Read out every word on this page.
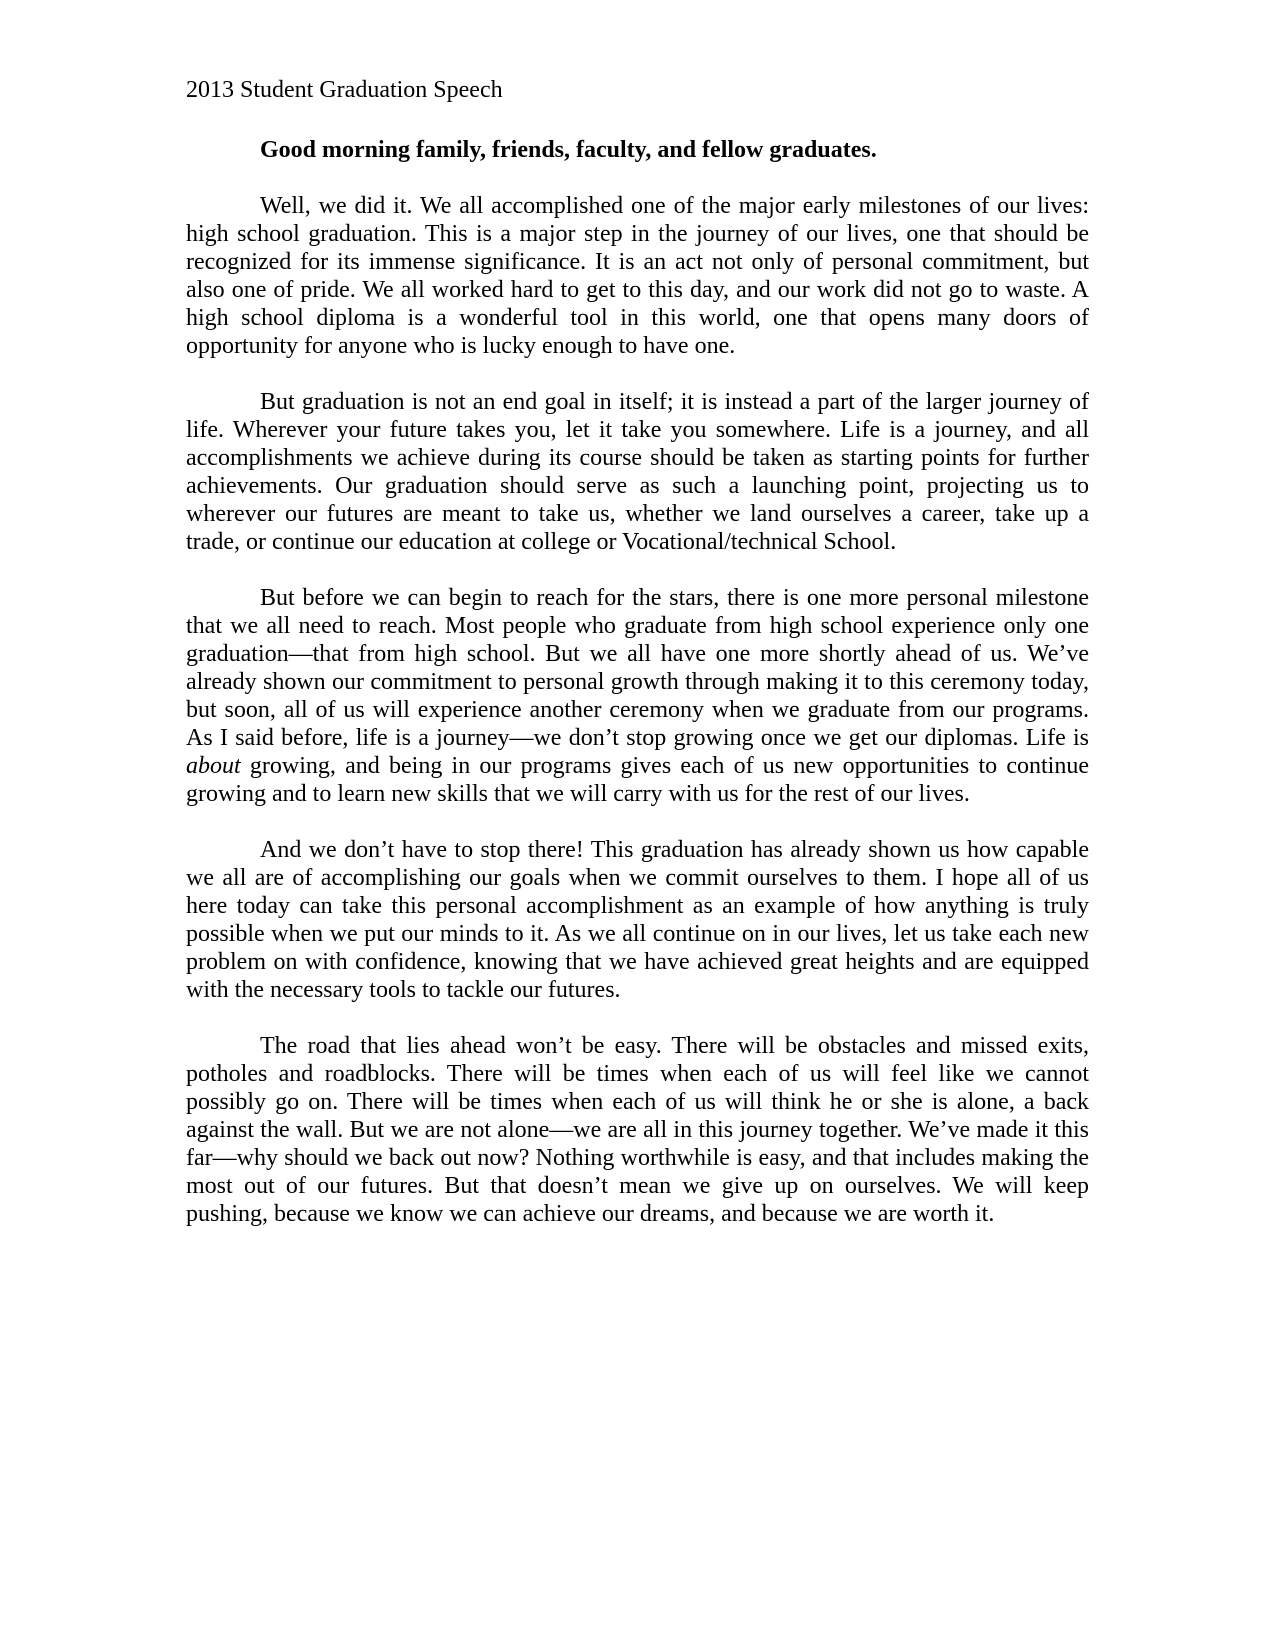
2013 Student Graduation Speech

Good morning family, friends, faculty, and fellow graduates.

Well, we did it. We all accomplished one of the major early milestones of our lives: high school graduation. This is a major step in the journey of our lives, one that should be recognized for its immense significance. It is an act not only of personal commitment, but also one of pride. We all worked hard to get to this day, and our work did not go to waste. A high school diploma is a wonderful tool in this world, one that opens many doors of opportunity for anyone who is lucky enough to have one.

But graduation is not an end goal in itself; it is instead a part of the larger journey of life. Wherever your future takes you, let it take you somewhere. Life is a journey, and all accomplishments we achieve during its course should be taken as starting points for further achievements. Our graduation should serve as such a launching point, projecting us to wherever our futures are meant to take us, whether we land ourselves a career, take up a trade, or continue our education at college or Vocational/technical School.

But before we can begin to reach for the stars, there is one more personal milestone that we all need to reach. Most people who graduate from high school experience only one graduation—that from high school. But we all have one more shortly ahead of us. We’ve already shown our commitment to personal growth through making it to this ceremony today, but soon, all of us will experience another ceremony when we graduate from our programs. As I said before, life is a journey—we don’t stop growing once we get our diplomas. Life is about growing, and being in our programs gives each of us new opportunities to continue growing and to learn new skills that we will carry with us for the rest of our lives.

And we don’t have to stop there! This graduation has already shown us how capable we all are of accomplishing our goals when we commit ourselves to them. I hope all of us here today can take this personal accomplishment as an example of how anything is truly possible when we put our minds to it. As we all continue on in our lives, let us take each new problem on with confidence, knowing that we have achieved great heights and are equipped with the necessary tools to tackle our futures.

The road that lies ahead won’t be easy. There will be obstacles and missed exits, potholes and roadblocks. There will be times when each of us will feel like we cannot possibly go on. There will be times when each of us will think he or she is alone, a back against the wall. But we are not alone—we are all in this journey together. We’ve made it this far—why should we back out now? Nothing worthwhile is easy, and that includes making the most out of our futures. But that doesn’t mean we give up on ourselves. We will keep pushing, because we know we can achieve our dreams, and because we are worth it.
